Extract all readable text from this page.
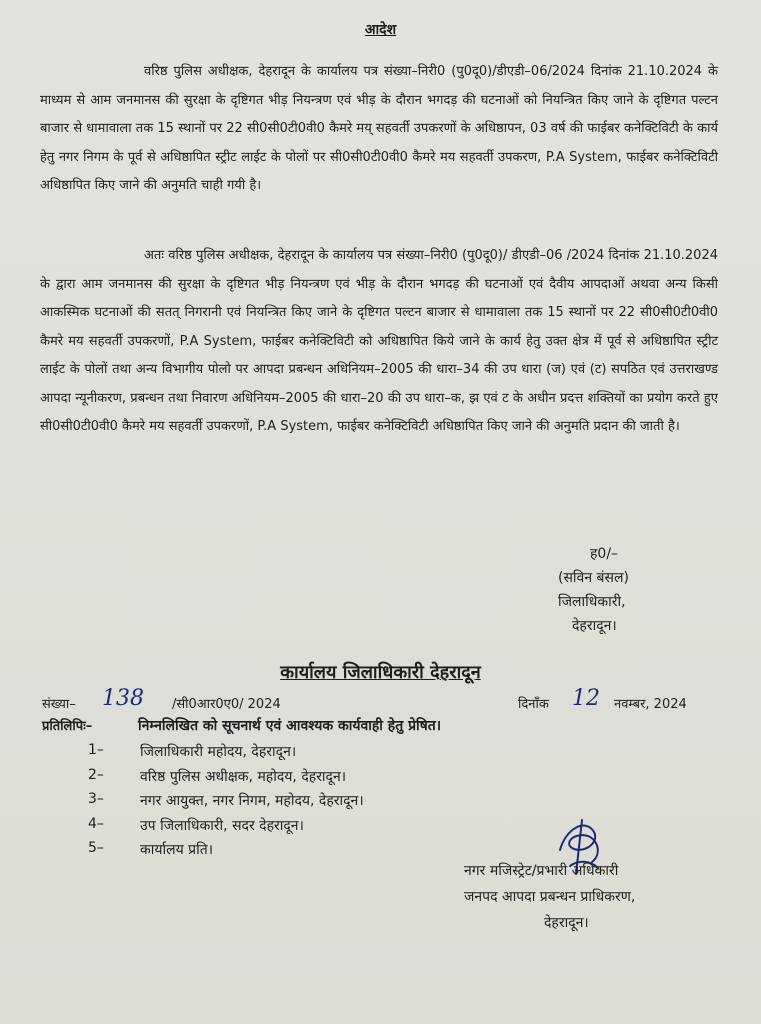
आदेश
वरिष्ठ पुलिस अधीक्षक, देहरादून के कार्यालय पत्र संख्या–निरी0 (पु0दू0)/डीएडी–06/2024 दिनांक 21.10.2024 के माध्यम से आम जनमानस की सुरक्षा के दृष्टिगत भीड़ नियन्त्रण एवं भीड़ के दौरान भगदड़ की घटनाओं को नियन्त्रित किए जाने के दृष्टिगत पल्टन बाजार से धामावाला तक 15 स्थानों पर 22 सी0सी0टी0वी0 कैमरे मय् सहवर्ती उपकरणों के अधिष्ठापन, 03 वर्ष की फाईबर कनेक्टिविटी के कार्य हेतु नगर निगम के पूर्व से अधिष्ठापित स्ट्रीट लाईट के पोलों पर सी0सी0टी0वी0 कैमरे मय सहवर्ती उपकरण, P.A System, फाईबर कनेक्टिविटी अधिष्ठापित किए जाने की अनुमति चाही गयी है।
अतः वरिष्ठ पुलिस अधीक्षक, देहरादून के कार्यालय पत्र संख्या–निरी0 (पु0दू0)/ डीएडी–06 /2024 दिनांक 21.10.2024 के द्वारा आम जनमानस की सुरक्षा के दृष्टिगत भीड़ नियन्त्रण एवं भीड़ के दौरान भगदड़ की घटनाओं एवं दैवीय आपदाओं अथवा अन्य किसी आकस्मिक घटनाओं की सतत् निगरानी एवं नियन्त्रित किए जाने के दृष्टिगत पल्टन बाजार से धामावाला तक 15 स्थानों पर 22 सी0सी0टी0वी0 कैमरे मय सहवर्ती उपकरणों, P.A System, फाईबर कनेक्टिविटी को अधिष्ठापित किये जाने के कार्य हेतु उक्त क्षेत्र में पूर्व से अधिष्ठापित स्ट्रीट लाईट के पोलों तथा अन्य विभागीय पोलो पर आपदा प्रबन्धन अधिनियम–2005 की धारा–34 की उप धारा (ज) एवं (ट) सपठित एवं उत्तराखण्ड आपदा न्यूनीकरण, प्रबन्धन तथा निवारण अधिनियम–2005 की धारा–20 की उप धारा–क, झ एवं ट के अधीन प्रदत्त शक्तियों का प्रयोग करते हुए सी0सी0टी0वी0 कैमरे मय सहवर्ती उपकरणों, P.A System, फाईबर कनेक्टिविटी अधिष्ठापित किए जाने की अनुमति प्रदान की जाती है।
ह0/–
(सविन बंसल)
जिलाधिकारी,
देहरादून।
कार्यालय जिलाधिकारी देहरादून
संख्या– 138 /सी0आर0ए0/ 2024	दिनाँक 12 नवम्बर, 2024
प्रतिलिपिः–	निम्नलिखित को सूचनार्थ एवं आवश्यक कार्यवाही हेतु प्रेषित।
1–	जिलाधिकारी महोदय, देहरादून।
2–	वरिष्ठ पुलिस अधीक्षक, महोदय, देहरादून।
3–	नगर आयुक्त, नगर निगम, महोदय, देहरादून।
4–	उप जिलाधिकारी, सदर देहरादून।
5–	कार्यालय प्रति।
नगर मजिस्ट्रेट/प्रभारी अधिकारी
जनपद आपदा प्रबन्धन प्राधिकरण,
देहरादून।
